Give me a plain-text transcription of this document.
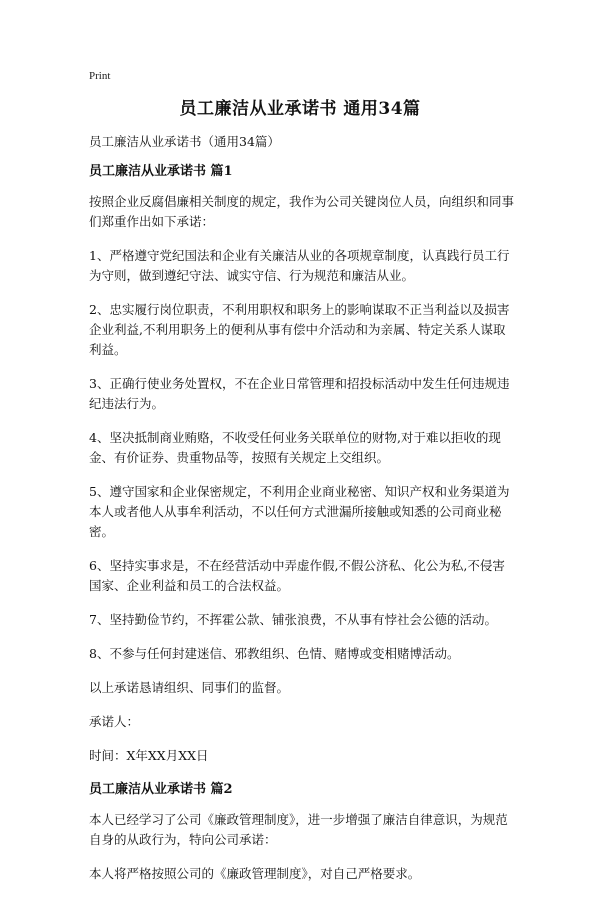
Print
员工廉洁从业承诺书 通用34篇

员工廉洁从业承诺书（通用34篇）

员工廉洁从业承诺书 篇1

按照企业反腐倡廉相关制度的规定，我作为公司关键岗位人员，向组织和同事们郑重作出如下承诺：

1、严格遵守党纪国法和企业有关廉洁从业的各项规章制度，认真践行员工行为守则，做到遵纪守法、诚实守信、行为规范和廉洁从业。

2、忠实履行岗位职责，不利用职权和职务上的影响谋取不正当利益以及损害企业利益,不利用职务上的便利从事有偿中介活动和为亲属、特定关系人谋取利益。

3、正确行使业务处置权，不在企业日常管理和招投标活动中发生任何违规违纪违法行为。

4、坚决抵制商业贿赂，不收受任何业务关联单位的财物,对于难以拒收的现金、有价证券、贵重物品等，按照有关规定上交组织。

5、遵守国家和企业保密规定，不利用企业商业秘密、知识产权和业务渠道为本人或者他人从事牟利活动，不以任何方式泄漏所接触或知悉的公司商业秘密。

6、坚持实事求是，不在经营活动中弄虚作假,不假公济私、化公为私,不侵害国家、企业利益和员工的合法权益。

7、坚持勤俭节约，不挥霍公款、铺张浪费，不从事有悖社会公德的活动。

8、不参与任何封建迷信、邪教组织、色情、赌博或变相赌博活动。

以上承诺恳请组织、同事们的监督。

承诺人：

时间：X年XX月XX日

员工廉洁从业承诺书 篇2

本人已经学习了公司《廉政管理制度》，进一步增强了廉洁自律意识，为规范自身的从政行为，特向公司承诺：

本人将严格按照公司的《廉政管理制度》，对自己严格要求。
